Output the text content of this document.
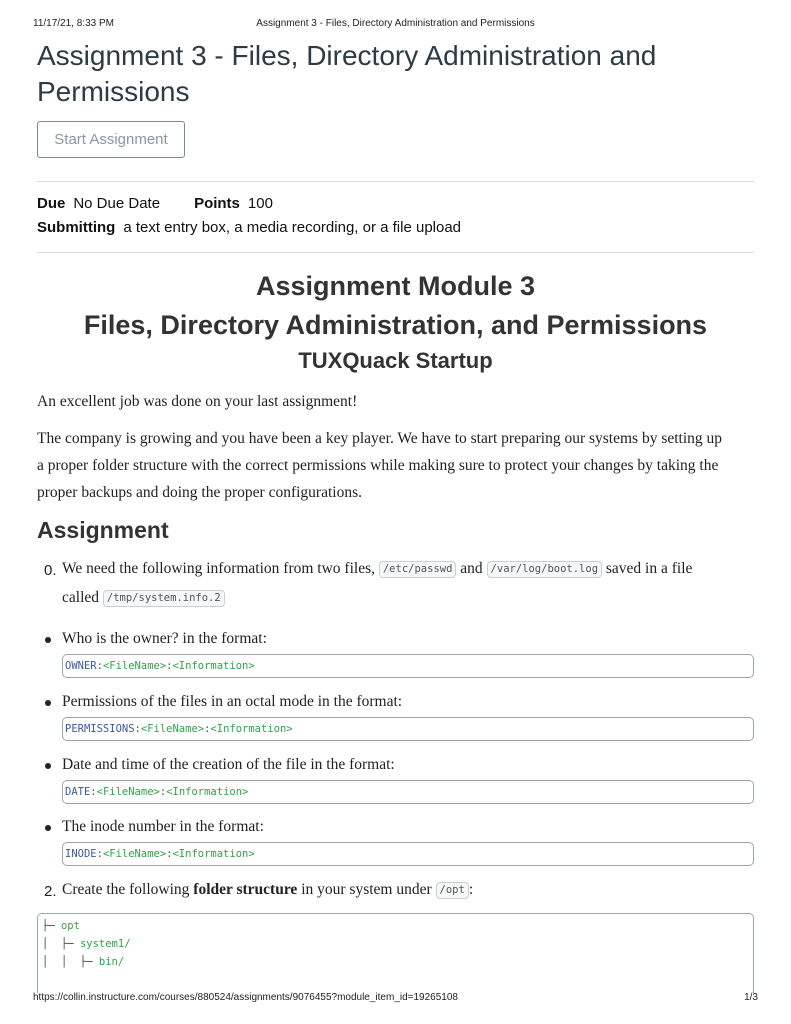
11/17/21, 8:33 PM	Assignment 3 - Files, Directory Administration and Permissions
Assignment 3 - Files, Directory Administration and Permissions
Start Assignment
Due No Due Date Points 100
Submitting a text entry box, a media recording, or a file upload
Assignment Module 3
Files, Directory Administration, and Permissions
TUXQuack Startup

An excellent job was done on your last assignment!

The company is growing and you have been a key player. We have to start preparing our systems by setting up a proper folder structure with the correct permissions while making sure to protect your changes by taking the proper backups and doing the proper configurations.

Assignment
0. We need the following information from two files, /etc/passwd and /var/log/boot.log saved in a file
called /tmp/system.info.2
Who is the owner? in the format:
OWNER:<FileName>:<Information>
Permissions of the files in an octal mode in the format:
PERMISSIONS:<FileName>:<Information>
Date and time of the creation of the file in the format:
DATE:<FileName>:<Information>
The inode number in the format:
INODE:<FileName>:<Information>
2. Create the following folder structure in your system under /opt :
├─ opt
│  ├─ system1/
│  │  ├─ bin/
https://collin.instructure.com/courses/880524/assignments/9076455?module_item_id=19265108	1/3
